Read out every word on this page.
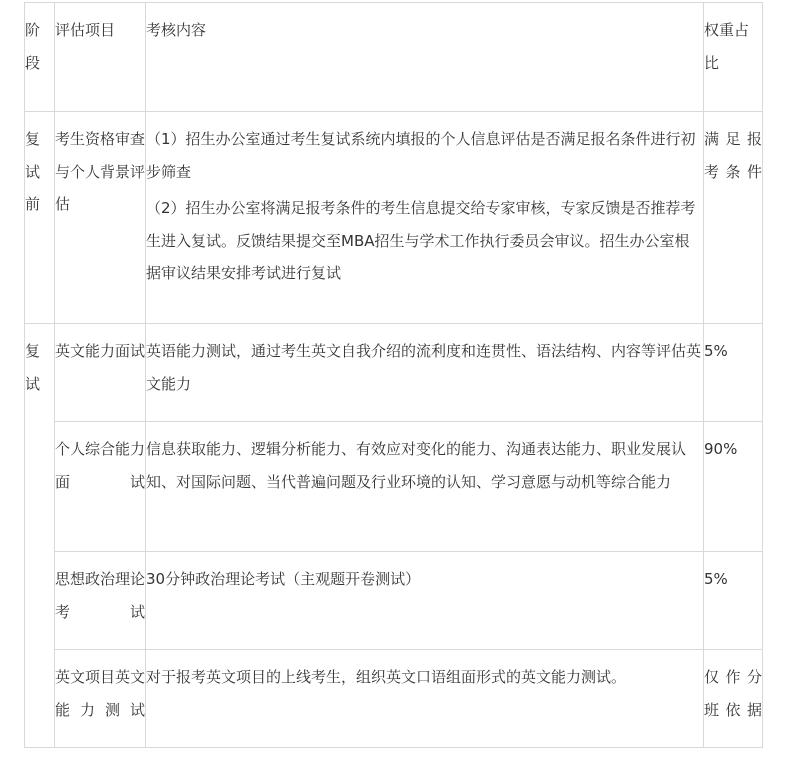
阶段	评估项目	考核内容	权重占比

复试前	考生资格审查与个人背景评估	（1）招生办公室通过考生复试系统内填报的个人信息评估是否满足报名条件进行初步筛查
（2）招生办公室将满足报考条件的考生信息提交给专家审核，专家反馈是否推荐考生进入复试。反馈结果提交至MBA招生与学术工作执行委员会审议。招生办公室根据审议结果安排考试进行复试	满足报考条件

复试	英文能力面试	英语能力测试，通过考生英文自我介绍的流利度和连贯性、语法结构、内容等评估英文能力	5%

	个人综合能力面试	信息获取能力、逻辑分析能力、有效应对变化的能力、沟通表达能力、职业发展认知、对国际问题、当代普遍问题及行业环境的认知、学习意愿与动机等综合能力	90%

	思想政治理论考试	30分钟政治理论考试（主观题开卷测试）	5%

	英文项目英文能力测试	对于报考英文项目的上线考生，组织英文口语组面形式的英文能力测试。	仅作分班依据
